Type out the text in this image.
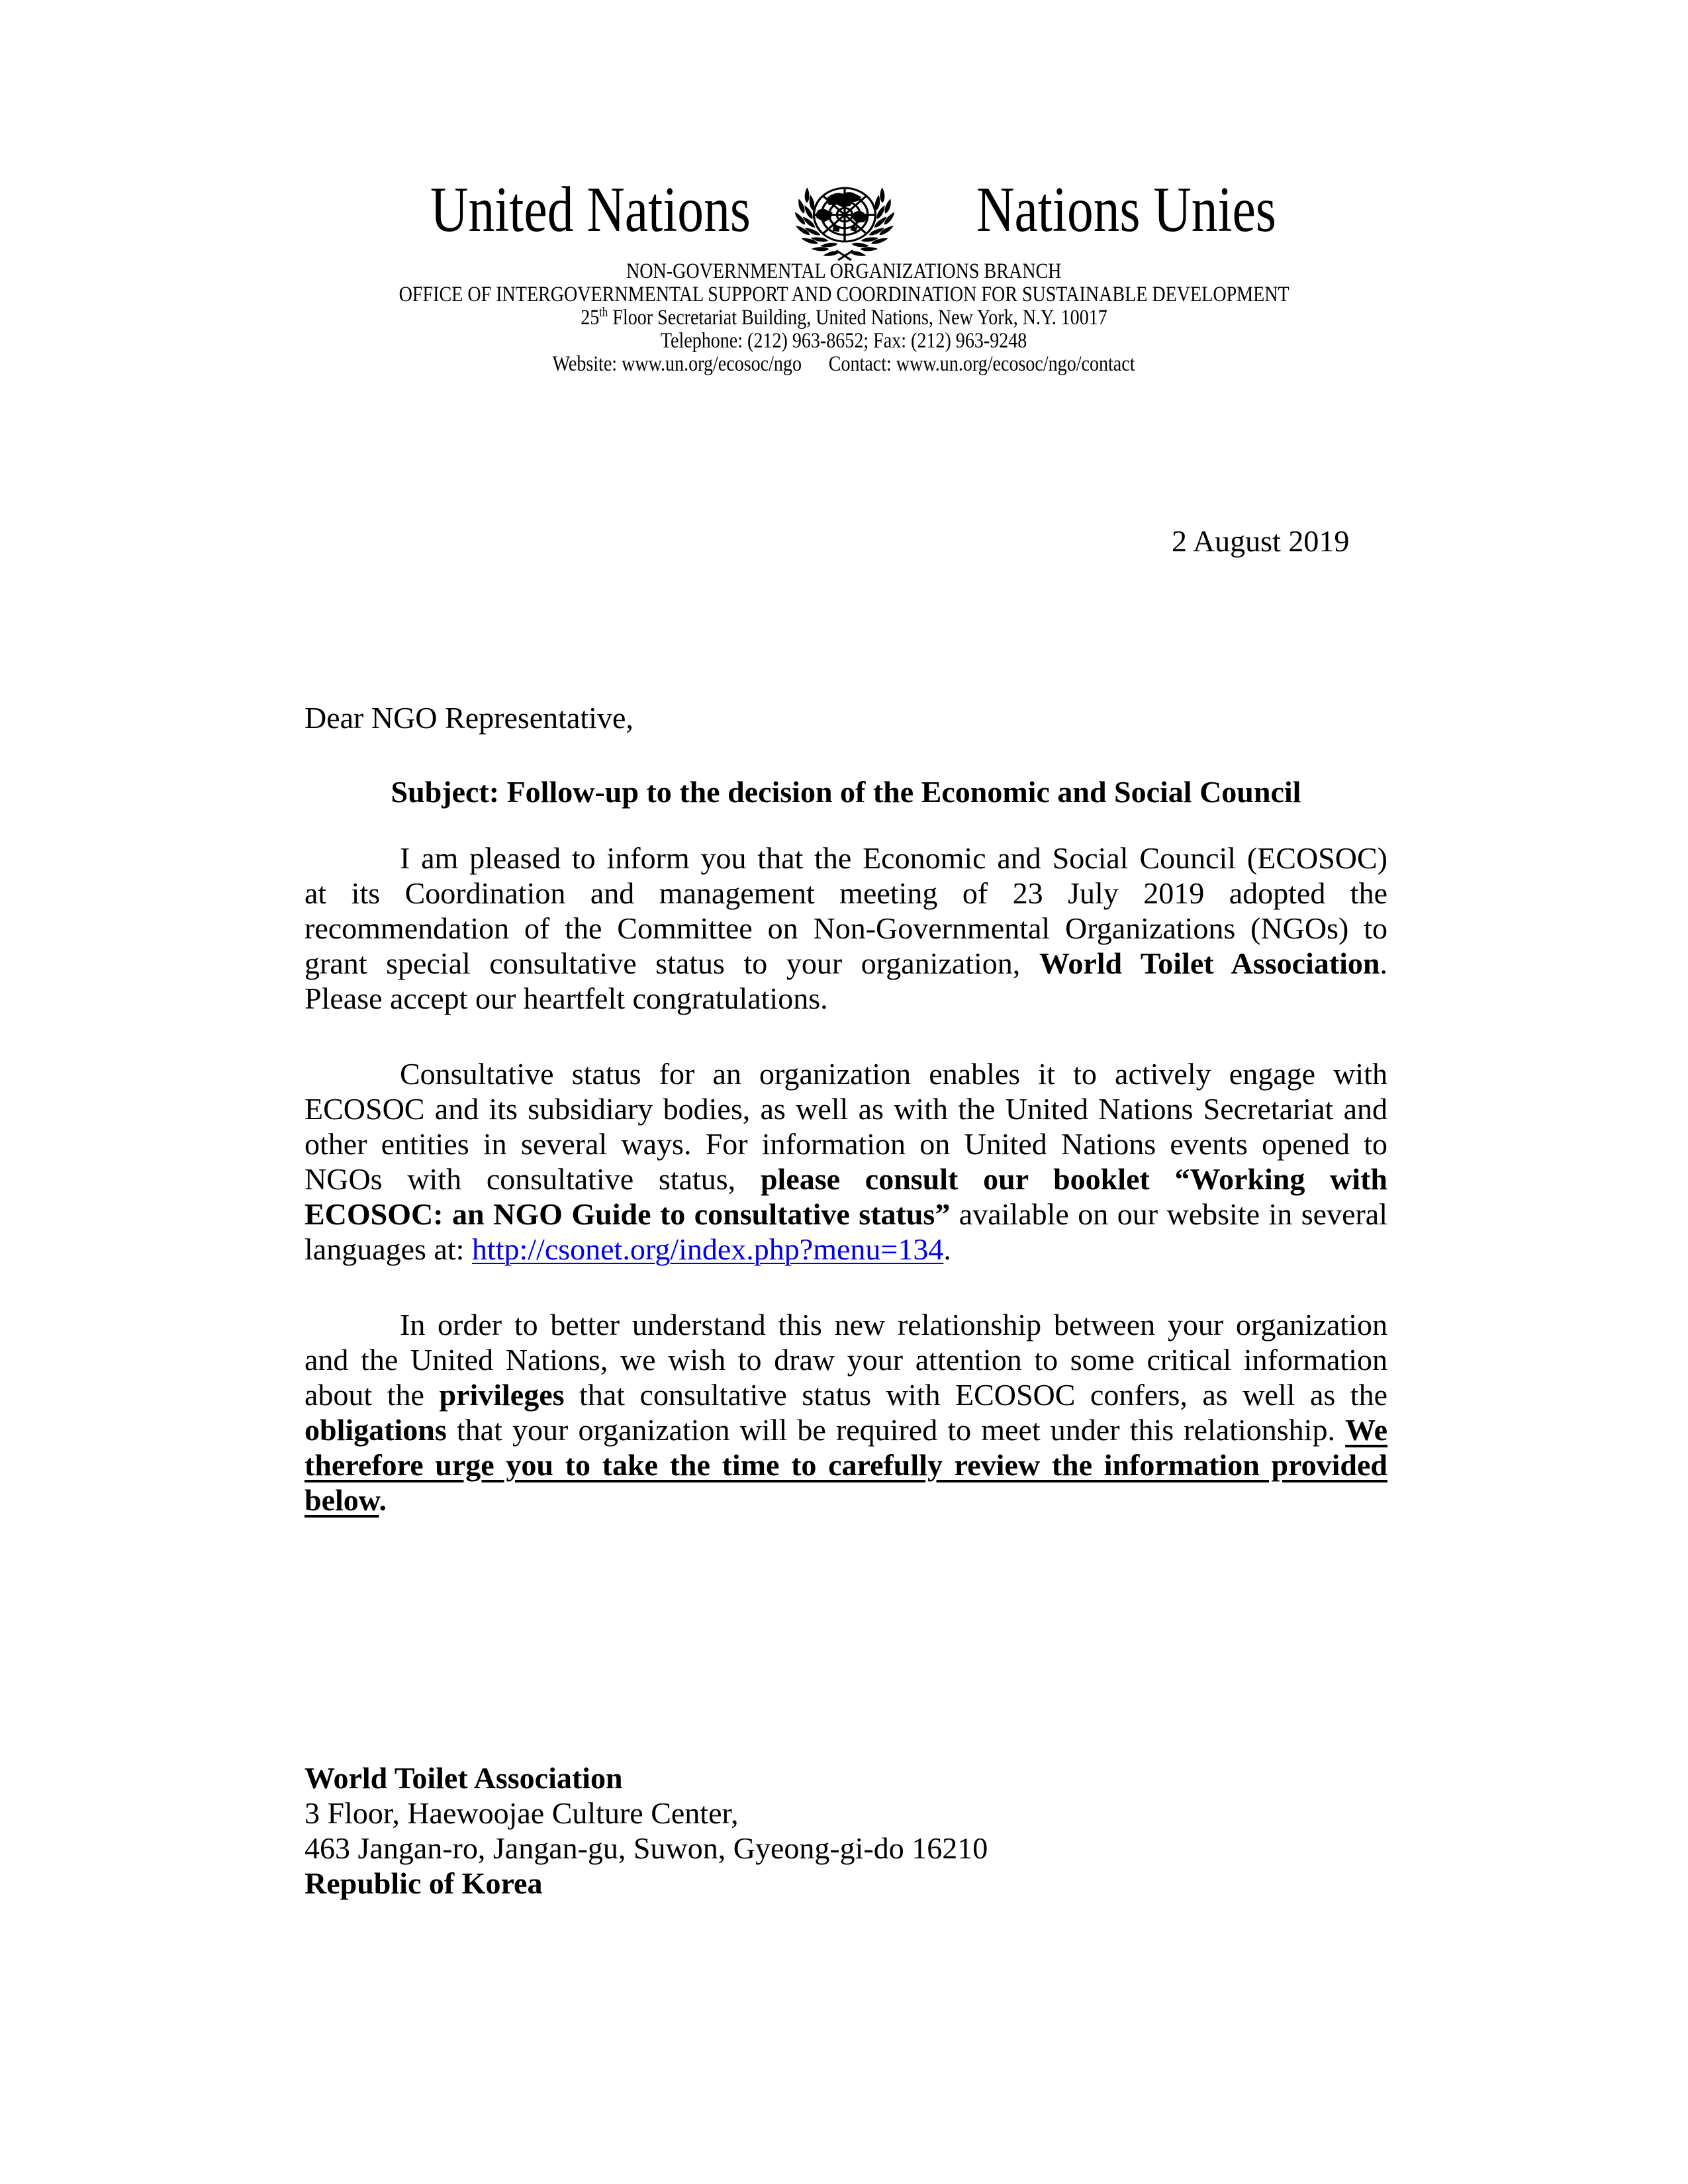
United Nations	Nations Unies
NON-GOVERNMENTAL ORGANIZATIONS BRANCH
OFFICE OF INTERGOVERNMENTAL SUPPORT AND COORDINATION FOR SUSTAINABLE DEVELOPMENT
25th Floor Secretariat Building, United Nations, New York, N.Y. 10017
Telephone: (212) 963-8652; Fax: (212) 963-9248
Website: www.un.org/ecosoc/ngo Contact: www.un.org/ecosoc/ngo/contact
2 August 2019
Dear NGO Representative,
Subject: Follow-up to the decision of the Economic and Social Council
I am pleased to inform you that the Economic and Social Council (ECOSOC)
at its Coordination and management meeting of 23 July 2019 adopted the
recommendation of the Committee on Non-Governmental Organizations (NGOs) to
grant special consultative status to your organization, World Toilet Association.
Please accept our heartfelt congratulations.
Consultative status for an organization enables it to actively engage with
ECOSOC and its subsidiary bodies, as well as with the United Nations Secretariat and
other entities in several ways. For information on United Nations events opened to
NGOs with consultative status, please consult our booklet “Working with
ECOSOC: an NGO Guide to consultative status” available on our website in several
languages at: http://csonet.org/index.php?menu=134.
In order to better understand this new relationship between your organization
and the United Nations, we wish to draw your attention to some critical information
about the privileges that consultative status with ECOSOC confers, as well as the
obligations that your organization will be required to meet under this relationship. We
therefore urge you to take the time to carefully review the information provided
below.
World Toilet Association
3 Floor, Haewoojae Culture Center,
463 Jangan-ro, Jangan-gu, Suwon, Gyeong-gi-do 16210
Republic of Korea
